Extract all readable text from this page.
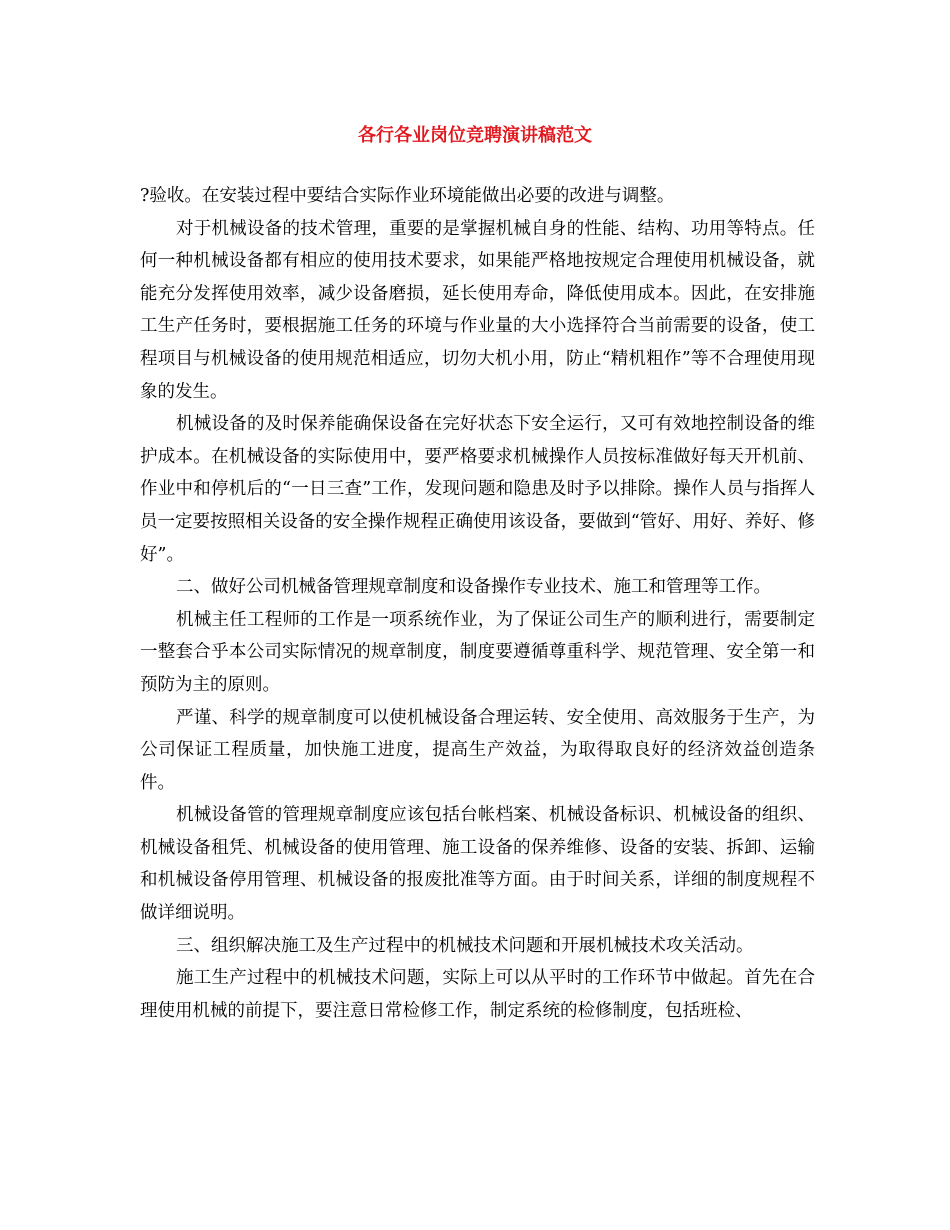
各行各业岗位竞聘演讲稿范文

?验收。在安装过程中要结合实际作业环境能做出必要的改进与调整。

对于机械设备的技术管理，重要的是掌握机械自身的性能、结构、功用等特点。任何一种机械设备都有相应的使用技术要求，如果能严格地按规定合理使用机械设备，就能充分发挥使用效率，减少设备磨损，延长使用寿命，降低使用成本。因此，在安排施工生产任务时，要根据施工任务的环境与作业量的大小选择符合当前需要的设备，使工程项目与机械设备的使用规范相适应，切勿大机小用，防止“精机粗作”等不合理使用现象的发生。

机械设备的及时保养能确保设备在完好状态下安全运行，又可有效地控制设备的维护成本。在机械设备的实际使用中，要严格要求机械操作人员按标准做好每天开机前、作业中和停机后的“一日三查”工作，发现问题和隐患及时予以排除。操作人员与指挥人员一定要按照相关设备的安全操作规程正确使用该设备，要做到“管好、用好、养好、修好”。

二、做好公司机械备管理规章制度和设备操作专业技术、施工和管理等工作。

机械主任工程师的工作是一项系统作业，为了保证公司生产的顺利进行，需要制定一整套合乎本公司实际情况的规章制度，制度要遵循尊重科学、规范管理、安全第一和预防为主的原则。

严谨、科学的规章制度可以使机械设备合理运转、安全使用、高效服务于生产，为公司保证工程质量，加快施工进度，提高生产效益，为取得取良好的经济效益创造条件。

机械设备管的管理规章制度应该包括台帐档案、机械设备标识、机械设备的组织、机械设备租凭、机械设备的使用管理、施工设备的保养维修、设备的安装、拆卸、运输和机械设备停用管理、机械设备的报废批准等方面。由于时间关系，详细的制度规程不做详细说明。

三、组织解决施工及生产过程中的机械技术问题和开展机械技术攻关活动。

施工生产过程中的机械技术问题，实际上可以从平时的工作环节中做起。首先在合理使用机械的前提下，要注意日常检修工作，制定系统的检修制度，包括班检、
